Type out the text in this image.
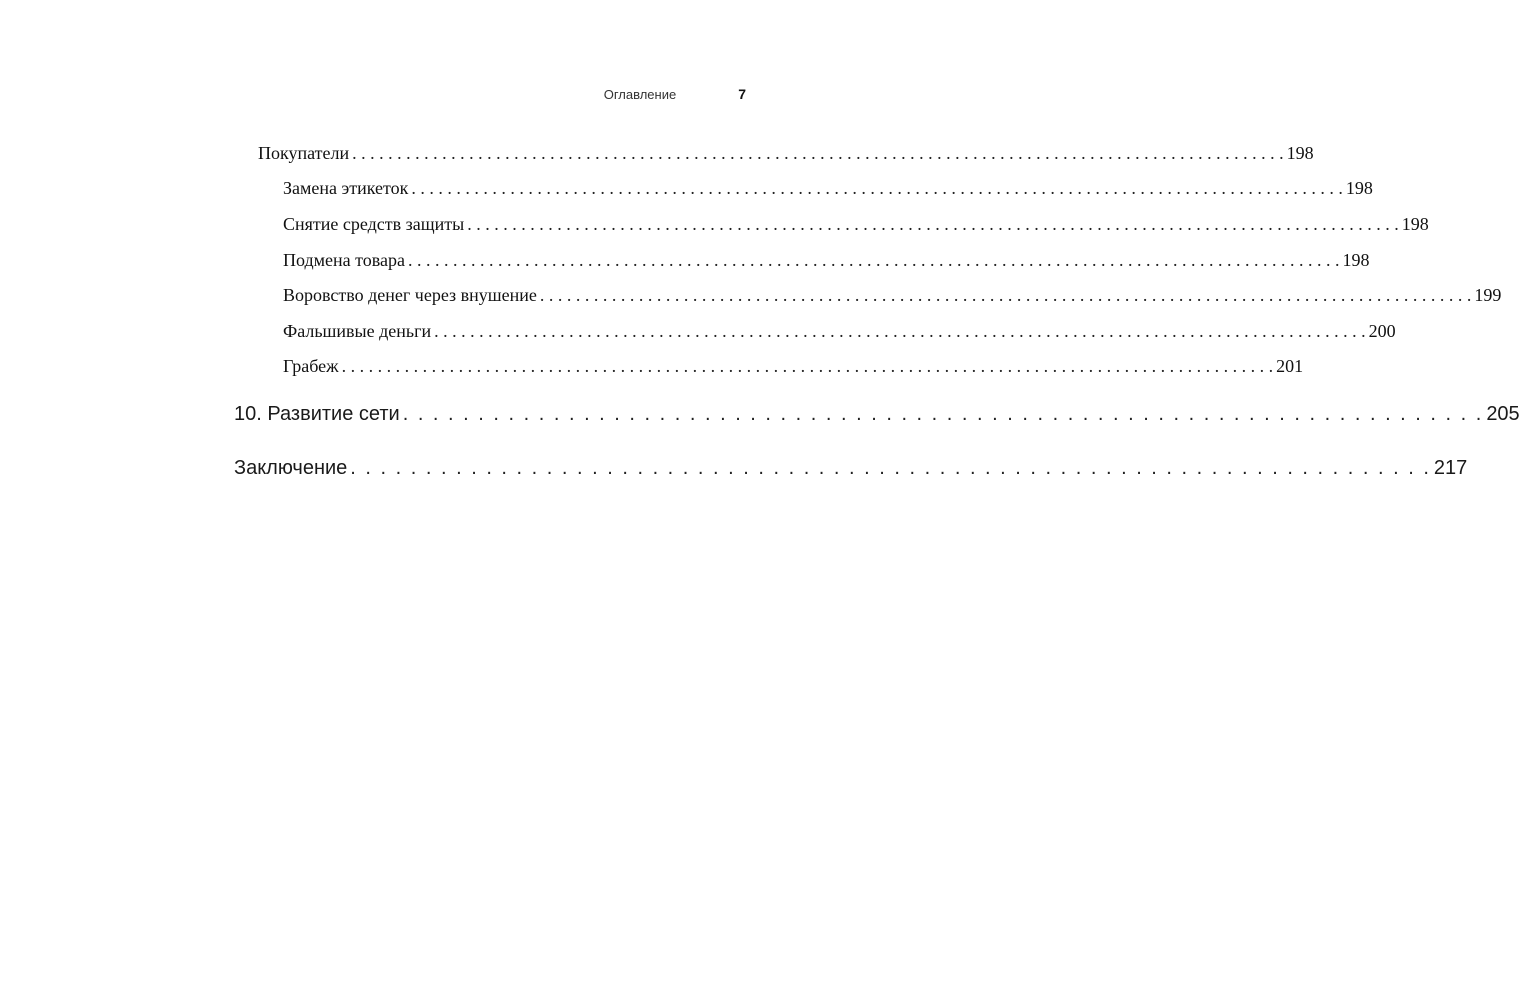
Оглавление	7
Покупатели . . . . . . . . . . . . . . . . . . . . . . . . . . . . . . . . . . . . . . . . . . . . . . . . . . . . . . . . . . . . . . . . . . . . . . . . . . . . . . . . . . . . . . . . . . . . . . . . . . . . . . . . 198
Замена этикеток . . . . . . . . . . . . . . . . . . . . . . . . . . . . . . . . . . . . . . . . . . . . . . . . . . . . . . . . . . . . . . . . . . . . . . . . . . . . . . . . . . . . . . . . . . . . . . . . . . . . . . . . 198
Снятие средств защиты . . . . . . . . . . . . . . . . . . . . . . . . . . . . . . . . . . . . . . . . . . . . . . . . . . . . . . . . . . . . . . . . . . . . . . . . . . . . . . . . . . . . . . . . . . . . . . . . . . . . . . . . 198
Подмена товара . . . . . . . . . . . . . . . . . . . . . . . . . . . . . . . . . . . . . . . . . . . . . . . . . . . . . . . . . . . . . . . . . . . . . . . . . . . . . . . . . . . . . . . . . . . . . . . . . . . . . . . . 198
Воровство денег через внушение . . . . . . . . . . . . . . . . . . . . . . . . . . . . . . . . . . . . . . . . . . . . . . . . . . . . . . . . . . . . . . . . . . . . . . . . . . . . . . . . . . . . . . . . . . . . . . . . . . . . . . . . 199
Фальшивые деньги . . . . . . . . . . . . . . . . . . . . . . . . . . . . . . . . . . . . . . . . . . . . . . . . . . . . . . . . . . . . . . . . . . . . . . . . . . . . . . . . . . . . . . . . . . . . . . . . . . . . . . . . 200
Грабеж . . . . . . . . . . . . . . . . . . . . . . . . . . . . . . . . . . . . . . . . . . . . . . . . . . . . . . . . . . . . . . . . . . . . . . . . . . . . . . . . . . . . . . . . . . . . . . . . . . . . . . . . 201
10. Развитие сети . . . . . . . . . . . . . . . . . . . . . . . . . . . . . . . . . . . . . . . . . . . . . . . . . . . . . . . . . . . . . . . . . . . . . . . . 205
Заключение . . . . . . . . . . . . . . . . . . . . . . . . . . . . . . . . . . . . . . . . . . . . . . . . . . . . . . . . . . . . . . . . . . . . . . . . 217
